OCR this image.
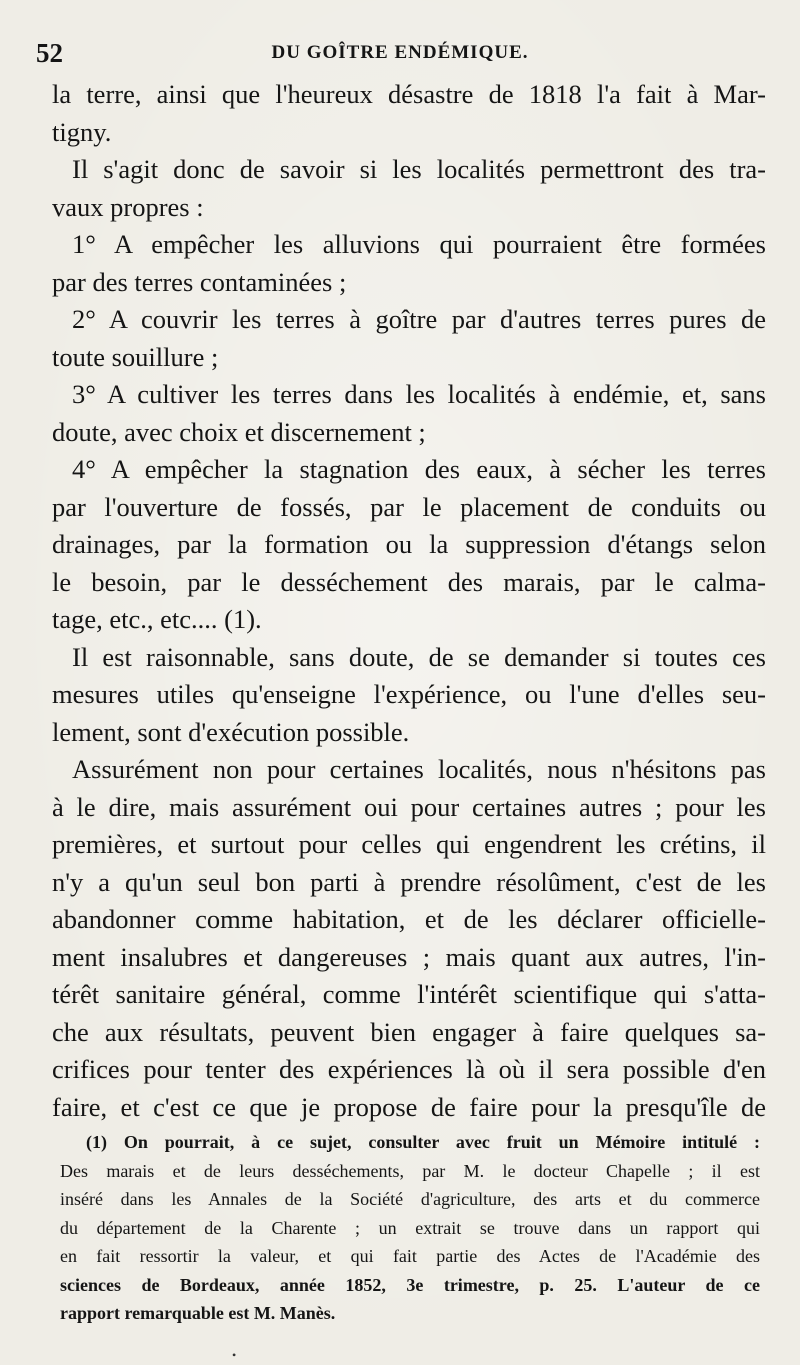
52	DU GOÎTRE ENDÉMIQUE.
la terre, ainsi que l'heureux désastre de 1818 l'a fait à Mar-
tigny.
Il s'agit donc de savoir si les localités permettront des tra-
vaux propres :
1° A empêcher les alluvions qui pourraient être formées
par des terres contaminées ;
2° A couvrir les terres à goître par d'autres terres pures de
toute souillure ;
3° A cultiver les terres dans les localités à endémie, et, sans
doute, avec choix et discernement ;
4° A empêcher la stagnation des eaux, à sécher les terres
par l'ouverture de fossés, par le placement de conduits ou
drainages, par la formation ou la suppression d'étangs selon
le besoin, par le desséchement des marais, par le calma-
tage, etc., etc.... (1).
Il est raisonnable, sans doute, de se demander si toutes ces
mesures utiles qu'enseigne l'expérience, ou l'une d'elles seu-
lement, sont d'exécution possible.
Assurément non pour certaines localités, nous n'hésitons pas
à le dire, mais assurément oui pour certaines autres ; pour les
premières, et surtout pour celles qui engendrent les crétins, il
n'y a qu'un seul bon parti à prendre résolûment, c'est de les
abandonner comme habitation, et de les déclarer officielle-
ment insalubres et dangereuses ; mais quant aux autres, l'in-
térêt sanitaire général, comme l'intérêt scientifique qui s'atta-
che aux résultats, peuvent bien engager à faire quelques sa-
crifices pour tenter des expériences là où il sera possible d'en
faire, et c'est ce que je propose de faire pour la presqu'île de
(1) On pourrait, à ce sujet, consulter avec fruit un Mémoire intitulé :
Des marais et de leurs desséchements, par M. le docteur Chapelle ; il est
inséré dans les Annales de la Société d'agriculture, des arts et du commerce
du département de la Charente ; un extrait se trouve dans un rapport qui
en fait ressortir la valeur, et qui fait partie des Actes de l'Académie des
sciences de Bordeaux, année 1852, 3e trimestre, p. 25. L'auteur de ce
rapport remarquable est M. Manès.
•
